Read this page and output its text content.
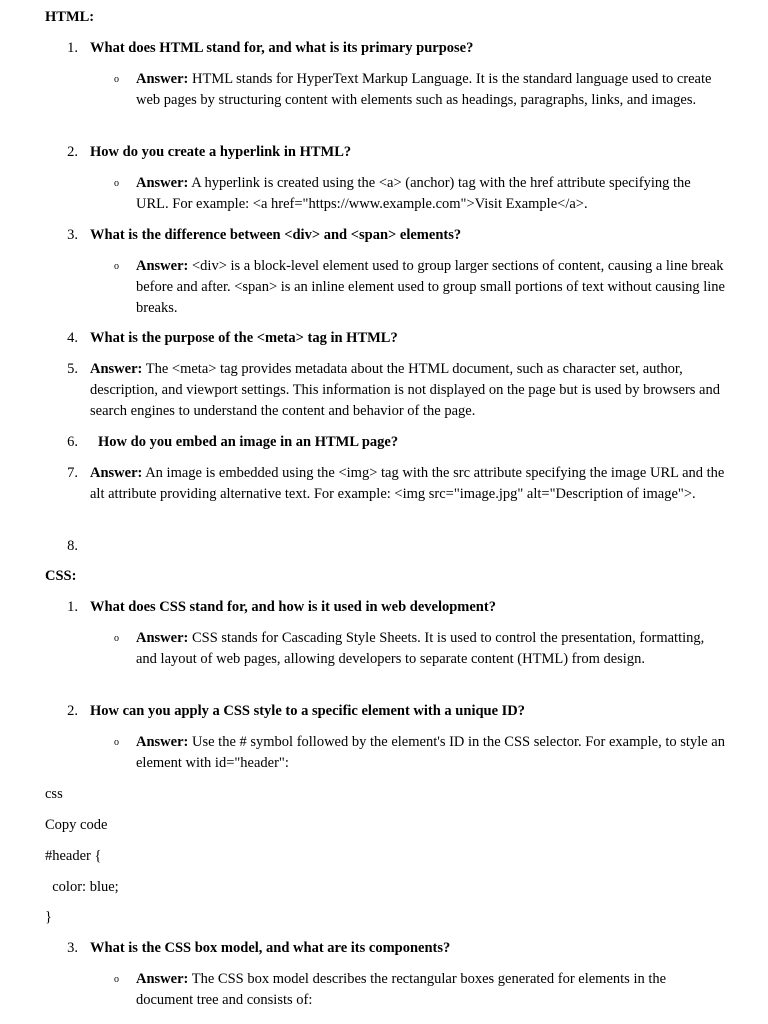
HTML:
1. What does HTML stand for, and what is its primary purpose?
o Answer: HTML stands for HyperText Markup Language. It is the standard language used to create web pages by structuring content with elements such as headings, paragraphs, links, and images.
2. How do you create a hyperlink in HTML?
o Answer: A hyperlink is created using the <a> (anchor) tag with the href attribute specifying the URL. For example: <a href="https://www.example.com">Visit Example</a>.
3. What is the difference between <div> and <span> elements?
o Answer: <div> is a block-level element used to group larger sections of content, causing a line break before and after. <span> is an inline element used to group small portions of text without causing line breaks.
4. What is the purpose of the <meta> tag in HTML?
5. Answer: The <meta> tag provides metadata about the HTML document, such as character set, author, description, and viewport settings. This information is not displayed on the page but is used by browsers and search engines to understand the content and behavior of the page.
6. How do you embed an image in an HTML page?
7. Answer: An image is embedded using the <img> tag with the src attribute specifying the image URL and the alt attribute providing alternative text. For example: <img src="image.jpg" alt="Description of image">.
8.
CSS:
1. What does CSS stand for, and how is it used in web development?
o Answer: CSS stands for Cascading Style Sheets. It is used to control the presentation, formatting, and layout of web pages, allowing developers to separate content (HTML) from design.
2. How can you apply a CSS style to a specific element with a unique ID?
o Answer: Use the # symbol followed by the element's ID in the CSS selector. For example, to style an element with id="header":
css
Copy code
#header {
color: blue;
}
3. What is the CSS box model, and what are its components?
o Answer: The CSS box model describes the rectangular boxes generated for elements in the document tree and consists of:
